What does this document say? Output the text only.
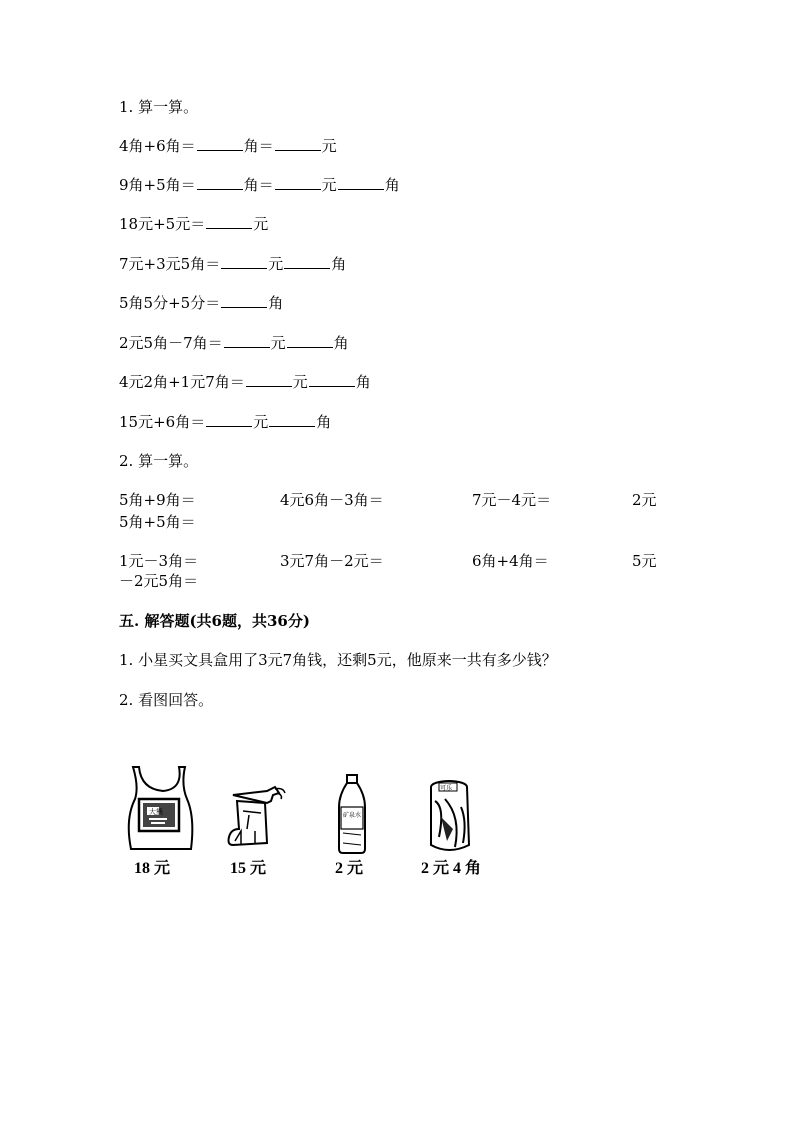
1. 算一算。
4角+6角＝	角＝	元
9角+5角＝	角＝	元	角
18元+5元＝	元
7元+3元5角＝	元	角
5角5分+5分＝	角
2元5角－7角＝	元	角
4元2角+1元7角＝	元	角
15元+6角＝	元	角
2. 算一算。
5角+9角＝	4元6角－3角＝	7元－4元＝	2元
5角+5角＝
1元－3角＝	3元7角－2元＝	6角+4角＝	5元
－2元5角＝
五. 解答题(共6题，共36分)
1. 小星买文具盒用了3元7角钱，还剩5元，他原来一共有多少钱？
2. 看图回答。
大熊
18 元	15 元
矿泉水
2 元
可乐
2 元 4 角
